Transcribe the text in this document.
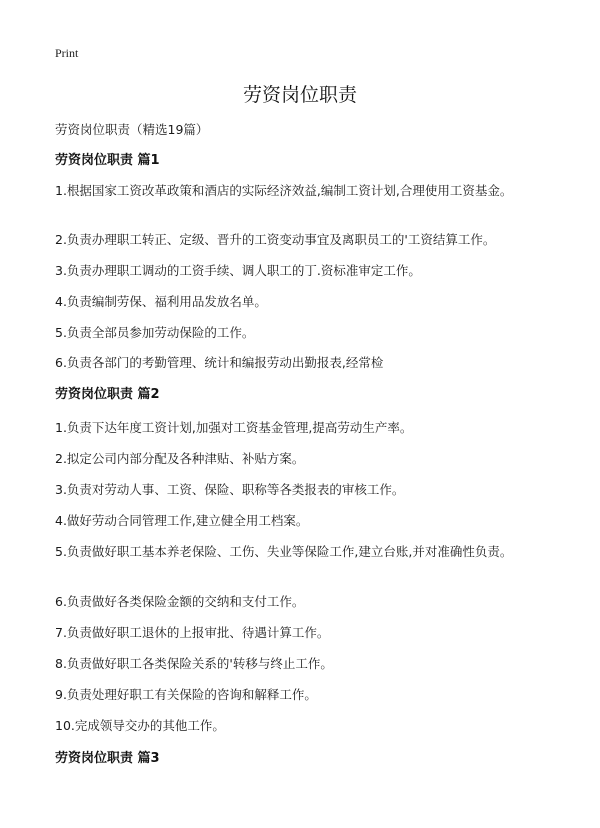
Print
劳资岗位职责
劳资岗位职责（精选19篇）
劳资岗位职责 篇1
1.根据国家工资改革政策和酒店的实际经济效益,编制工资计划,合理使用工资基金。
2.负责办理职工转正、定级、晋升的工资变动事宜及离职员工的'工资结算工作。
3.负责办理职工调动的工资手续、调人职工的丁.资标准审定工作。
4.负责编制劳保、福利用品发放名单。
5.负责全部员参加劳动保险的工作。
6.负责各部门的考勤管理、统计和编报劳动出勤报表,经常检
劳资岗位职责 篇2
1.负责下达年度工资计划,加强对工资基金管理,提高劳动生产率。
2.拟定公司内部分配及各种津贴、补贴方案。
3.负责对劳动人事、工资、保险、职称等各类报表的审核工作。
4.做好劳动合同管理工作,建立健全用工档案。
5.负责做好职工基本养老保险、工伤、失业等保险工作,建立台账,并对准确性负责。
6.负责做好各类保险金额的交纳和支付工作。
7.负责做好职工退休的上报审批、待遇计算工作。
8.负责做好职工各类保险关系的'转移与终止工作。
9.负责处理好职工有关保险的咨询和解释工作。
10.完成领导交办的其他工作。
劳资岗位职责 篇3
